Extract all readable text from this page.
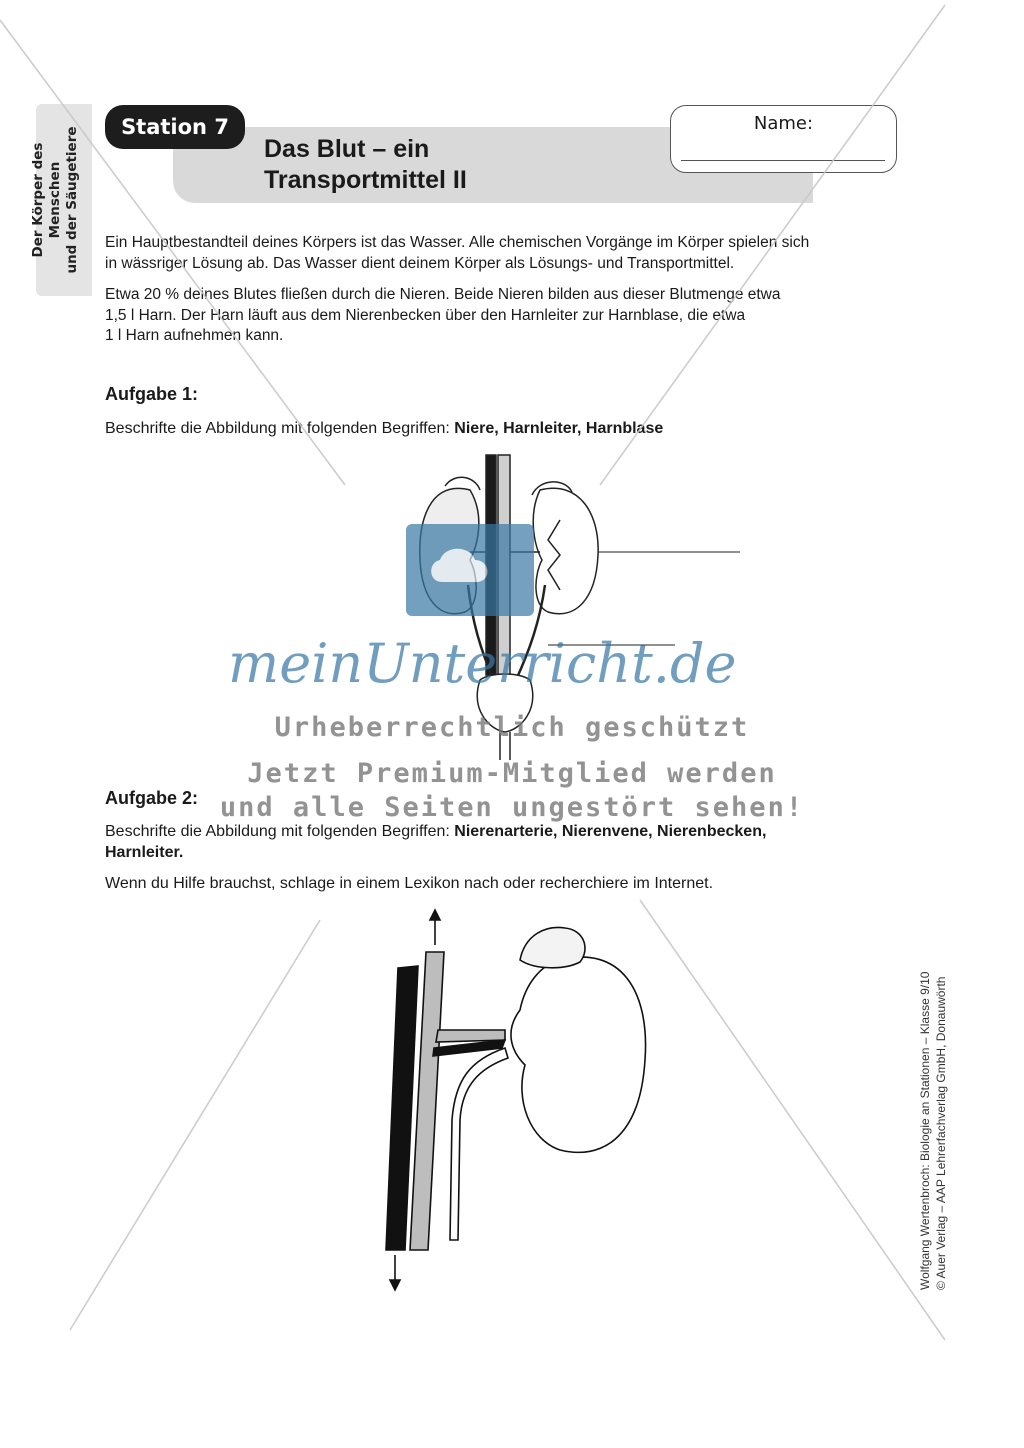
Der Körper des Menschen und der Säugetiere	Station 7
Das Blut – ein
Transportmittel II
Name:
Ein Hauptbestandteil deines Körpers ist das Wasser. Alle chemischen Vorgänge im Körper spielen sich
in wässriger Lösung ab. Das Wasser dient deinem Körper als Lösungs- und Transportmittel.
Etwa 20 % deines Blutes fließen durch die Nieren. Beide Nieren bilden aus dieser Blutmenge etwa
1,5 l Harn. Der Harn läuft aus dem Nierenbecken über den Harnleiter zur Harnblase, die etwa
1 l Harn aufnehmen kann.
Aufgabe 1:
Beschrifte die Abbildung mit folgenden Begriffen: Niere, Harnleiter, Harnblase
Aufgabe 2:
Beschrifte die Abbildung mit folgenden Begriffen: Nierenarterie, Nierenvene, Nierenbecken,
Harnleiter.
Wenn du Hilfe brauchst, schlage in einem Lexikon nach oder recherchiere im Internet.
meinUnterricht.de
Urheberrechtlich geschützt
Jetzt Premium-Mitglied werden
und alle Seiten ungestört sehen!
Wolfgang Wertenbroch: Biologie an Stationen – Klasse 9/10 © Auer Verlag – AAP Lehrerfachverlag GmbH, Donauwörth
